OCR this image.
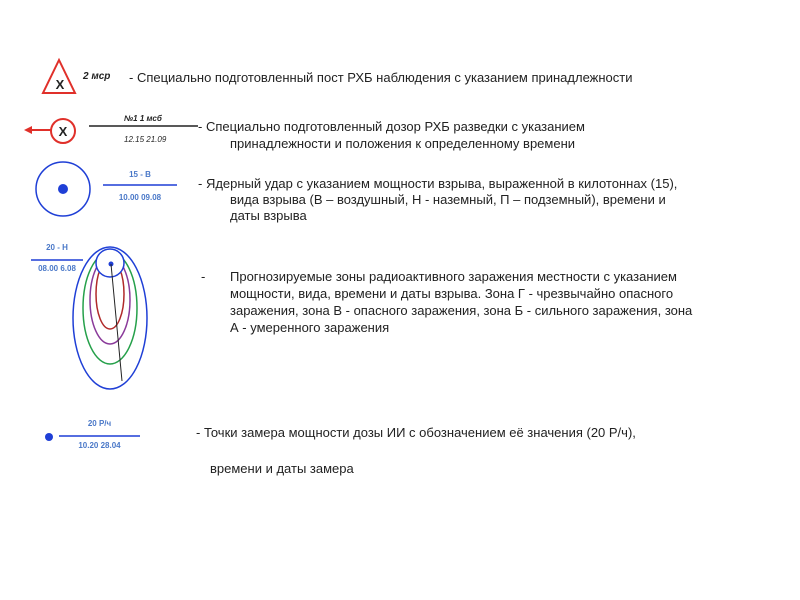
Х
2 мср - Специально подготовленный пост РХБ наблюдения с указанием принадлежности
Х
№1 1 мсб
12.15 21.09
- Специально подготовленный дозор РХБ разведки с указанием
принадлежности и положения к определенному времени
15 - В
10.00 09.08
- Ядерный удар с указанием мощности взрыва, выраженной в килотоннах (15),
вида взрыва (В – воздушный, Н - наземный, П – подземный), времени и
даты взрыва
20 - Н
08.00 6.08
- Прогнозируемые зоны радиоактивного заражения местности с указанием
мощности, вида, времени и даты взрыва. Зона Г - чрезвычайно опасного
заражения, зона В - опасного заражения, зона Б - сильного заражения, зона
А - умеренного заражения
20 Р/ч
10.20 28.04
- Точки замера мощности дозы ИИ с обозначением её значения (20 Р/ч),
времени и даты замера
